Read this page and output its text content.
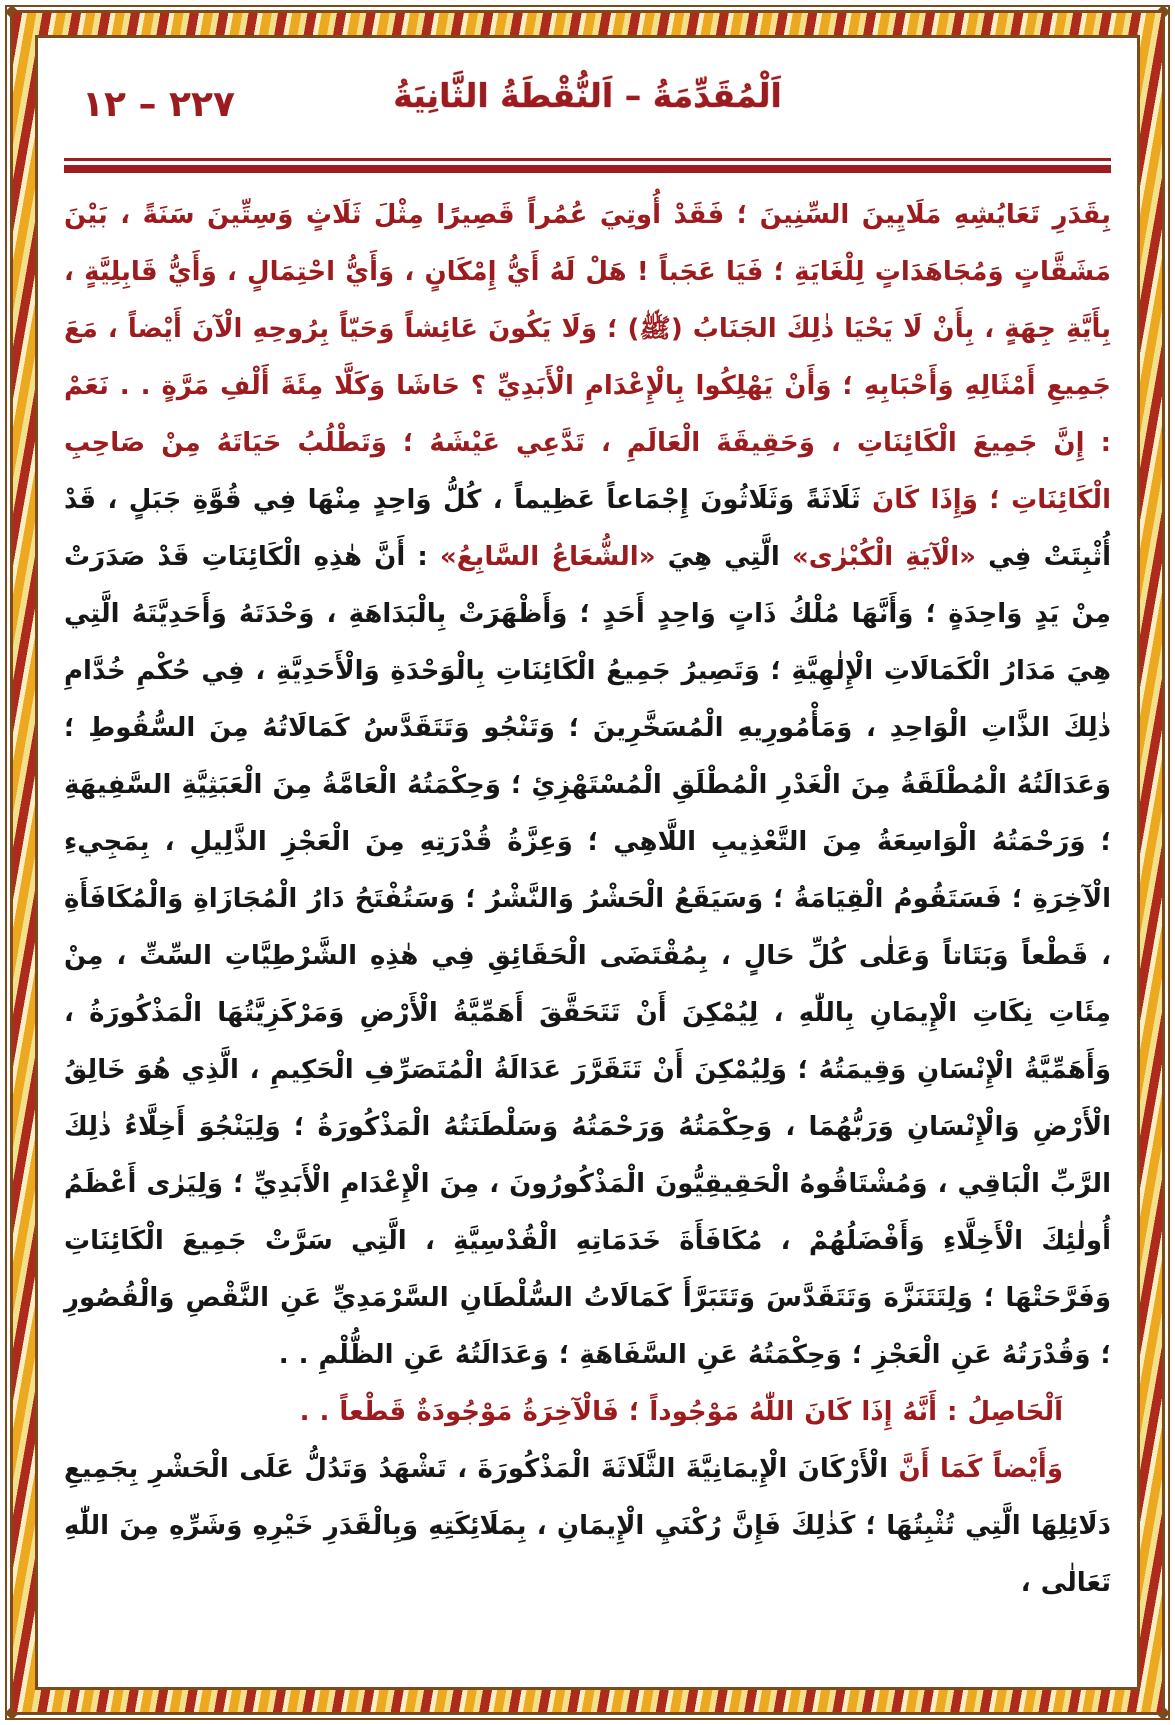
٢٢٧ – ١٢	اَلْمُقَدِّمَةُ – اَلنُّقْطَةُ الثَّانِيَةُ

بِقَدَرِ تَعَايُشِهِ مَلَايِينَ السِّنِينَ ؛ فَقَدْ أُوتِيَ عُمُراً قَصِيرًا مِثْلَ ثَلَاثٍ وَسِتِّينَ سَنَةً ، بَيْنَ مَشَقَّاتٍ وَمُجَاهَدَاتٍ لِلْغَايَةِ ؛ فَيَا عَجَباً ! هَلْ لَهُ أَيُّ إِمْكَانٍ ، وَأَيُّ احْتِمَالٍ ، وَأَيُّ قَابِلِيَّةٍ ، بِأَيَّةِ جِهَةٍ ، بِأَنْ لَا يَحْيَا ذٰلِكَ الجَنَابُ (ﷺ) ؛ وَلَا يَكُونَ عَائِشاً وَحَيّاً بِرُوحِهِ الْآنَ أَيْضاً ، مَعَ جَمِيعِ أَمْثَالِهِ وَأَحْبَابِهِ ؛ وَأَنْ يَهْلِكُوا بِالْإِعْدَامِ الْأَبَدِيِّ ؟ حَاشَا وَكَلَّا مِئَةَ أَلْفِ مَرَّةٍ . . نَعَمْ : إِنَّ جَمِيعَ الْكَائِنَاتِ ، وَحَقِيقَةَ الْعَالَمِ ، تَدَّعِي عَيْشَهُ ؛ وَتَطْلُبُ حَيَاتَهُ مِنْ صَاحِبِ الْكَائِنَاتِ ؛ وَإِذَا كَانَ ثَلَاثَةً وَثَلَاثُونَ إِجْمَاعاً عَظِيماً ، كُلُّ وَاحِدٍ مِنْهَا فِي قُوَّةِ جَبَلٍ ، قَدْ أُثْبِتَتْ فِي «الْآيَةِ الْكُبْرٰى» الَّتِي هِيَ «الشُّعَاعُ السَّابِعُ» : أَنَّ هٰذِهِ الْكَائِنَاتِ قَدْ صَدَرَتْ مِنْ يَدٍ وَاحِدَةٍ ؛ وَأَنَّهَا مُلْكُ ذَاتٍ وَاحِدٍ أَحَدٍ ؛ وَأَظْهَرَتْ بِالْبَدَاهَةِ ، وَحْدَتَهُ وَأَحَدِيَّتَهُ الَّتِي هِيَ مَدَارُ الْكَمَالَاتِ الْإِلٰهِيَّةِ ؛ وَتَصِيرُ جَمِيعُ الْكَائِنَاتِ بِالْوَحْدَةِ وَالْأَحَدِيَّةِ ، فِي حُكْمِ خُدَّامِ ذٰلِكَ الذَّاتِ الْوَاحِدِ ، وَمَأْمُورِيهِ الْمُسَخَّرِينَ ؛ وَتَنْجُو وَتَتَقَدَّسُ كَمَالَاتُهُ مِنَ السُّقُوطِ ؛ وَعَدَالَتُهُ الْمُطْلَقَةُ مِنَ الْغَدْرِ الْمُطْلَقِ الْمُسْتَهْزِئِ ؛ وَحِكْمَتُهُ الْعَامَّةُ مِنَ الْعَبَثِيَّةِ السَّفِيهَةِ ؛ وَرَحْمَتُهُ الْوَاسِعَةُ مِنَ التَّعْذِيبِ اللَّاهِي ؛ وَعِزَّةُ قُدْرَتِهِ مِنَ الْعَجْزِ الذَّلِيلِ ، بِمَجِيءِ الْآخِرَةِ ؛ فَسَتَقُومُ الْقِيَامَةُ ؛ وَسَيَقَعُ الْحَشْرُ وَالنَّشْرُ ؛ وَسَتُفْتَحُ دَارُ الْمُجَازَاةِ وَالْمُكَافَأَةِ ، قَطْعاً وَبَتَاتاً وَعَلٰى كُلِّ حَالٍ ، بِمُقْتَضَى الْحَقَائِقِ فِي هٰذِهِ الشَّرْطِيَّاتِ السِّتِّ ، مِنْ مِئَاتِ نِكَاتِ الْإِيمَانِ بِاللّٰهِ ، لِيُمْكِنَ أَنْ تَتَحَقَّقَ أَهَمِّيَّةُ الْأَرْضِ وَمَرْكَزِيَّتُهَا الْمَذْكُورَةُ ، وَأَهَمِّيَّةُ الْإِنْسَانِ وَقِيمَتُهُ ؛ وَلِيُمْكِنَ أَنْ تَتَقَرَّرَ عَدَالَةُ الْمُتَصَرِّفِ الْحَكِيمِ ، الَّذِي هُوَ خَالِقُ الْأَرْضِ وَالْإِنْسَانِ وَرَبُّهُمَا ، وَحِكْمَتُهُ وَرَحْمَتُهُ وَسَلْطَنَتُهُ الْمَذْكُورَةُ ؛ وَلِيَنْجُوَ أَخِلَّاءُ ذٰلِكَ الرَّبِّ الْبَاقِي ، وَمُشْتَاقُوهُ الْحَقِيقِيُّونَ الْمَذْكُورُونَ ، مِنَ الْإِعْدَامِ الْأَبَدِيِّ ؛ وَلِيَرٰى أَعْظَمُ أُولٰئِكَ الْأَخِلَّاءِ وَأَفْضَلُهُمْ ، مُكَافَأَةَ خَدَمَاتِهِ الْقُدْسِيَّةِ ، الَّتِي سَرَّتْ جَمِيعَ الْكَائِنَاتِ وَفَرَّحَتْهَا ؛ وَلِتَتَنَزَّهَ وَتَتَقَدَّسَ وَتَتَبَرَّأَ كَمَالَاتُ السُّلْطَانِ السَّرْمَدِيِّ عَنِ النَّقْصِ وَالْقُصُورِ ؛ وَقُدْرَتُهُ عَنِ الْعَجْزِ ؛ وَحِكْمَتُهُ عَنِ السَّفَاهَةِ ؛ وَعَدَالَتُهُ عَنِ الظُّلْمِ . .

اَلْحَاصِلُ : أَنَّهُ إِذَا كَانَ اللّٰهُ مَوْجُوداً ؛ فَالْآخِرَةُ مَوْجُودَةٌ قَطْعاً . .

وَأَيْضاً كَمَا أَنَّ الْأَرْكَانَ الْإِيمَانِيَّةَ الثَّلَاثَةَ الْمَذْكُورَةَ ، تَشْهَدُ وَتَدُلُّ عَلَى الْحَشْرِ بِجَمِيعِ دَلَائِلِهَا الَّتِي تُثْبِتُهَا ؛ كَذٰلِكَ فَإِنَّ رُكْنَيِ الْإِيمَانِ ، بِمَلَائِكَتِهِ وَبِالْقَدَرِ خَيْرِهِ وَشَرِّهِ مِنَ اللّٰهِ تَعَالٰى ،
